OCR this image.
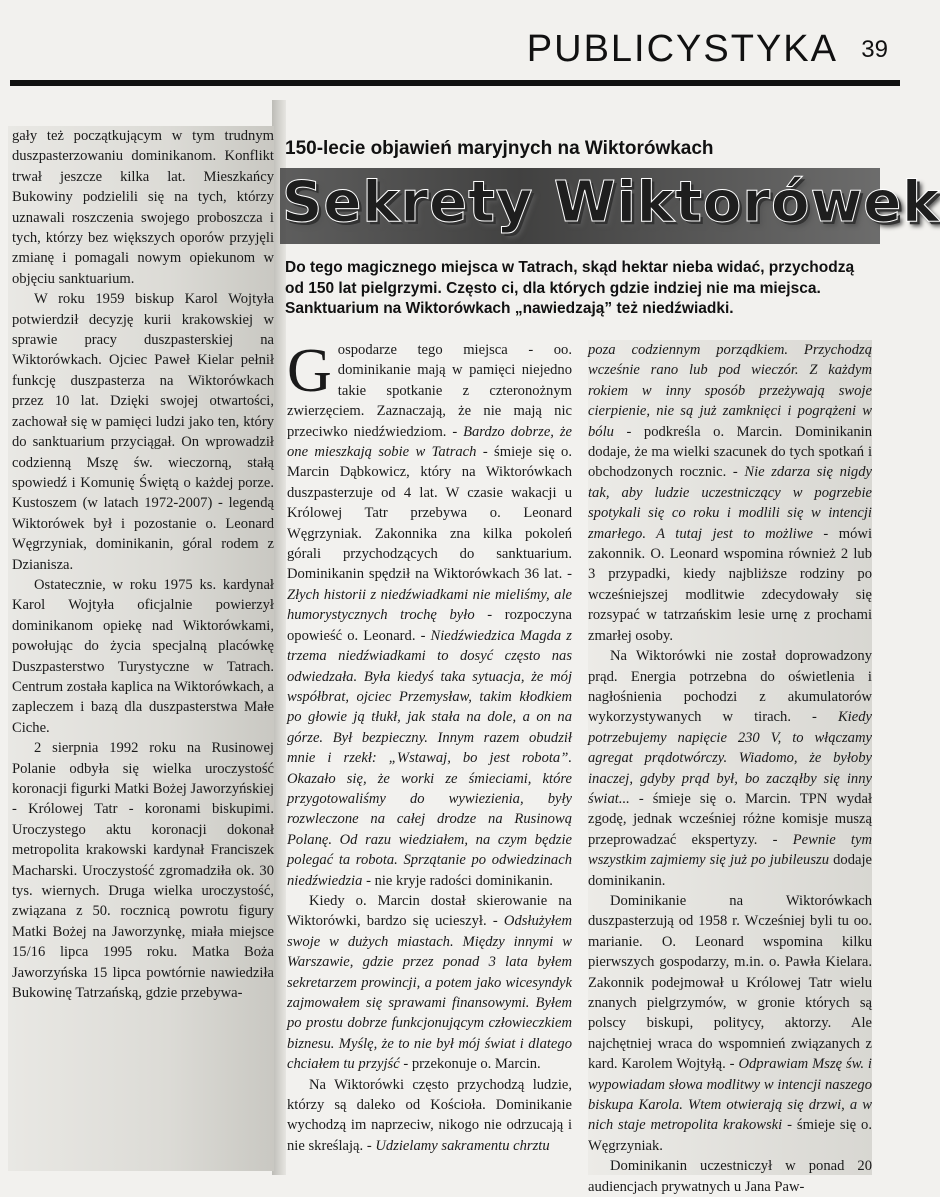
PUBLICYSTYKA 39

gały też początkującym w tym trudnym duszpasterzowaniu dominikanom. Konflikt trwał jeszcze kilka lat. Mieszkańcy Bukowiny podzielili się na tych, którzy uznawali roszczenia swojego proboszcza i tych, którzy bez większych oporów przyjęli zmianę i pomagali nowym opiekunom w objęciu sanktuarium.

W roku 1959 biskup Karol Wojtyła potwierdził decyzję kurii krakowskiej w sprawie pracy duszpasterskiej na Wiktorówkach. Ojciec Paweł Kielar pełnił funkcję duszpasterza na Wiktorówkach przez 10 lat. Dzięki swojej otwartości, zachował się w pamięci ludzi jako ten, który do sanktuarium przyciągał. On wprowadził codzienną Mszę św. wieczorną, stałą spowiedź i Komunię Świętą o każdej porze. Kustoszem (w latach 1972-2007) - legendą Wiktorówek był i pozostanie o. Leonard Węgrzyniak, dominikanin, góral rodem z Dzianisza.

Ostatecznie, w roku 1975 ks. kardynał Karol Wojtyła oficjalnie powierzył dominikanom opiekę nad Wiktorówkami, powołując do życia specjalną placówkę Duszpasterstwo Turystyczne w Tatrach. Centrum została kaplica na Wiktorówkach, a zapleczem i bazą dla duszpasterstwa Małe Ciche.

2 sierpnia 1992 roku na Rusinowej Polanie odbyła się wielka uroczystość koronacji figurki Matki Bożej Jaworzyńskiej - Królowej Tatr - koronami biskupimi. Uroczystego aktu koronacji dokonał metropolita krakowski kardynał Franciszek Macharski. Uroczystość zgromadziła ok. 30 tys. wiernych. Druga wielka uroczystość, związana z 50. rocznicą powrotu figury Matki Bożej na Jaworzynkę, miała miejsce 15/16 lipca 1995 roku. Matka Boża Jaworzyńska 15 lipca powtórnie nawiedziła Bukowinę Tatrzańską, gdzie przebywa-

150-lecie objawień maryjnych na Wiktorówkach
Sekrety Wiktorówek
Do tego magicznego miejsca w Tatrach, skąd hektar nieba widać, przychodzą od 150 lat pielgrzymi. Często ci, dla których gdzie indziej nie ma miejsca. Sanktuarium na Wiktorówkach „nawiedzają” też niedźwiadki.

Gospodarze tego miejsca - oo. dominikanie mają w pamięci niejedno takie spotkanie z czteronożnym zwierzęciem. Zaznaczają, że nie mają nic przeciwko niedźwiedziom. - Bardzo dobrze, że one mieszkają sobie w Tatrach - śmieje się o. Marcin Dąbkowicz, który na Wiktorówkach duszpasterzuje od 4 lat. W czasie wakacji u Królowej Tatr przebywa o. Leonard Węgrzyniak. Zakonnika zna kilka pokoleń górali przychodzących do sanktuarium. Dominikanin spędził na Wiktorówkach 36 lat. - Złych historii z niedźwiadkami nie mieliśmy, ale humorystycznych trochę było - rozpoczyna opowieść o. Leonard. - Niedźwiedzica Magda z trzema niedźwiadkami to dosyć często nas odwiedzała. Była kiedyś taka sytuacja, że mój współbrat, ojciec Przemysław, takim kłodkiem po głowie ją tłukł, jak stała na dole, a on na górze. Był bezpieczny. Innym razem obudził mnie i rzekł: „Wstawaj, bo jest robota”. Okazało się, że worki ze śmieciami, które przygotowaliśmy do wywiezienia, były rozwleczone na całej drodze na Rusinową Polanę. Od razu wiedziałem, na czym będzie polegać ta robota. Sprzątanie po odwiedzinach niedźwiedzia - nie kryje radości dominikanin.

Kiedy o. Marcin dostał skierowanie na Wiktorówki, bardzo się ucieszył. - Odsłużyłem swoje w dużych miastach. Między innymi w Warszawie, gdzie przez ponad 3 lata byłem sekretarzem prowincji, a potem jako wicesyndyk zajmowałem się sprawami finansowymi. Byłem po prostu dobrze funkcjonującym człowieczkiem biznesu. Myślę, że to nie był mój świat i dlatego chciałem tu przyjść - przekonuje o. Marcin.

Na Wiktorówki często przychodzą ludzie, którzy są daleko od Kościoła. Dominikanie wychodzą im naprzeciw, nikogo nie odrzucają i nie skreślają. - Udzielamy sakramentu chrztu

poza codziennym porządkiem. Przychodzą wcześnie rano lub pod wieczór. Z każdym rokiem w inny sposób przeżywają swoje cierpienie, nie są już zamknięci i pogrążeni w bólu - podkreśla o. Marcin. Dominikanin dodaje, że ma wielki szacunek do tych spotkań i obchodzonych rocznic. - Nie zdarza się nigdy tak, aby ludzie uczestniczący w pogrzebie spotykali się co roku i modlili się w intencji zmarłego. A tutaj jest to możliwe - mówi zakonnik. O. Leonard wspomina również 2 lub 3 przypadki, kiedy najbliższe rodziny po wcześniejszej modlitwie zdecydowały się rozsypać w tatrzańskim lesie urnę z prochami zmarłej osoby.

Na Wiktorówki nie został doprowadzony prąd. Energia potrzebna do oświetlenia i nagłośnienia pochodzi z akumulatorów wykorzystywanych w tirach. - Kiedy potrzebujemy napięcie 230 V, to włączamy agregat prądotwórczy. Wiadomo, że byłoby inaczej, gdyby prąd był, bo zacząłby się inny świat... - śmieje się o. Marcin. TPN wydał zgodę, jednak wcześniej różne komisje muszą przeprowadzać ekspertyzy. - Pewnie tym wszystkim zajmiemy się już po jubileuszu dodaje dominikanin.

Dominikanie na Wiktorówkach duszpasterzują od 1958 r. Wcześniej byli tu oo. marianie. O. Leonard wspomina kilku pierwszych gospodarzy, m.in. o. Pawła Kielara. Zakonnik podejmował u Królowej Tatr wielu znanych pielgrzymów, w gronie których są polscy biskupi, politycy, aktorzy. Ale najchętniej wraca do wspomnień związanych z kard. Karolem Wojtyłą. - Odprawiam Mszę św. i wypowiadam słowa modlitwy w intencji naszego biskupa Karola. Wtem otwierają się drzwi, a w nich staje metropolita krakowski - śmieje się o. Węgrzyniak.

Dominikanin uczestniczył w ponad 20 audiencjach prywatnych u Jana Paw-
